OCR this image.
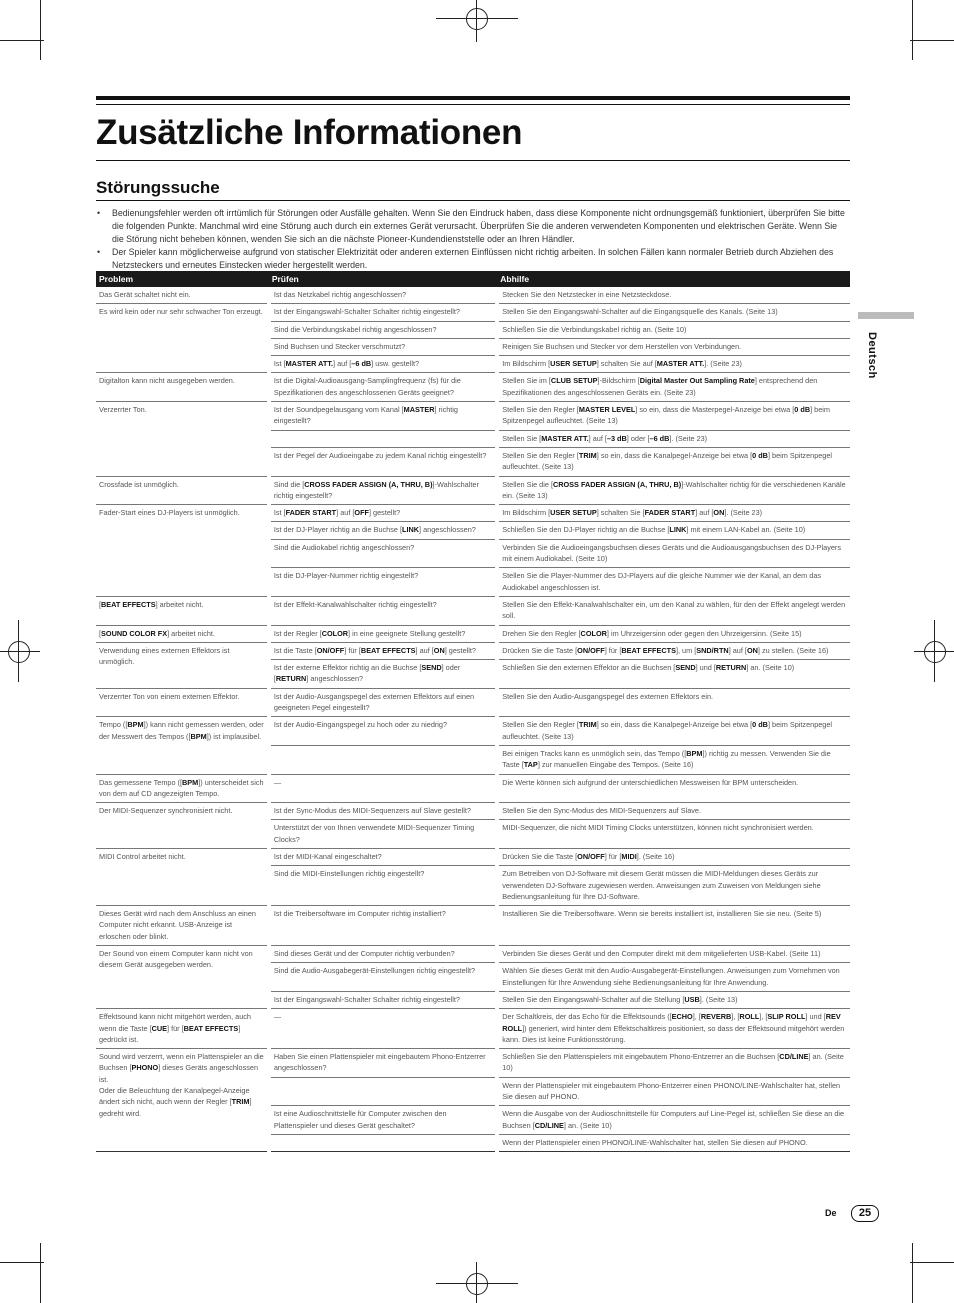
Zusätzliche Informationen
Störungssuche
• Bedienungsfehler werden oft irrtümlich für Störungen oder Ausfälle gehalten. Wenn Sie den Eindruck haben, dass diese Komponente nicht ordnungsgemäß funktioniert, überprüfen Sie bitte die folgenden Punkte. Manchmal wird eine Störung auch durch ein externes Gerät verursacht. Überprüfen Sie die anderen verwendeten Komponenten und elektrischen Geräte. Wenn Sie die Störung nicht beheben können, wenden Sie sich an die nächste Pioneer-Kundendienststelle oder an Ihren Händler.
• Der Spieler kann möglicherweise aufgrund von statischer Elektrizität oder anderen externen Einflüssen nicht richtig arbeiten. In solchen Fällen kann normaler Betrieb durch Abziehen des Netzsteckers und erneutes Einstecken wieder hergestellt werden.
Problem	Prüfen	Abhilfe
Das Gerät schaltet nicht ein.	Ist das Netzkabel richtig angeschlossen?	Stecken Sie den Netzstecker in eine Netzsteckdose.
Es wird kein oder nur sehr schwacher Ton erzeugt.	Ist der Eingangswahl-Schalter Schalter richtig eingestellt?	Stellen Sie den Eingangswahl-Schalter auf die Eingangsquelle des Kanals. (Seite 13)
	Sind die Verbindungskabel richtig angeschlossen?	Schließen Sie die Verbindungskabel richtig an. (Seite 10)
	Sind Buchsen und Stecker verschmutzt?	Reinigen Sie Buchsen und Stecker vor dem Herstellen von Verbindungen.
	Ist [MASTER ATT.] auf [–6 dB] usw. gestellt?	Im Bildschirm [USER SETUP] schalten Sie auf [MASTER ATT.]. (Seite 23)
Digitalton kann nicht ausgegeben werden.	Ist die Digital-Audioausgang-Samplingfrequenz (fs) für die Spezifikationen des angeschlossenen Geräts geeignet?	Stellen Sie im [CLUB SETUP]-Bildschirm [Digital Master Out Sampling Rate] entsprechend den Spezifikationen des angeschlossenen Geräts ein. (Seite 23)
Verzerrter Ton.	Ist der Soundpegelausgang vom Kanal [MASTER] richtig eingestellt?	Stellen Sie den Regler [MASTER LEVEL] so ein, dass die Masterpegel-Anzeige bei etwa [0 dB] beim Spitzenpegel aufleuchtet. (Seite 13)
		Stellen Sie [MASTER ATT.] auf [–3 dB] oder [–6 dB]. (Seite 23)
	Ist der Pegel der Audioeingabe zu jedem Kanal richtig eingestellt?	Stellen Sie den Regler [TRIM] so ein, dass die Kanalpegel-Anzeige bei etwa [0 dB] beim Spitzenpegel aufleuchtet. (Seite 13)
Crossfade ist unmöglich.	Sind die [CROSS FADER ASSIGN (A, THRU, B)]-Wahlschalter richtig eingestellt?	Stellen Sie die [CROSS FADER ASSIGN (A, THRU, B)]-Wahlschalter richtig für die verschiedenen Kanäle ein. (Seite 13)
Fader-Start eines DJ-Players ist unmöglich.	Ist [FADER START] auf [OFF] gestellt?	Im Bildschirm [USER SETUP] schalten Sie [FADER START] auf [ON]. (Seite 23)
	Ist der DJ-Player richtig an die Buchse [LINK] angeschlossen?	Schließen Sie den DJ-Player richtig an die Buchse [LINK] mit einem LAN-Kabel an. (Seite 10)
	Sind die Audiokabel richtig angeschlossen?	Verbinden Sie die Audioeingangsbuchsen dieses Geräts und die Audioausgangsbuchsen des DJ-Players mit einem Audiokabel. (Seite 10)
	Ist die DJ-Player-Nummer richtig eingestellt?	Stellen Sie die Player-Nummer des DJ-Players auf die gleiche Nummer wie der Kanal, an dem das Audiokabel angeschlossen ist.
[BEAT EFFECTS] arbeitet nicht.	Ist der Effekt-Kanalwahlschalter richtig eingestellt?	Stellen Sie den Effekt-Kanalwahlschalter ein, um den Kanal zu wählen, für den der Effekt angelegt werden soll.
[SOUND COLOR FX] arbeitet nicht.	Ist der Regler [COLOR] in eine geeignete Stellung gestellt?	Drehen Sie den Regler [COLOR] im Uhrzeigersinn oder gegen den Uhrzeigersinn. (Seite 15)
Verwendung eines externen Effektors ist unmöglich.	Ist die Taste [ON/OFF] für [BEAT EFFECTS] auf [ON] gestellt?	Drücken Sie die Taste [ON/OFF] für [BEAT EFFECTS], um [SND/RTN] auf [ON] zu stellen. (Seite 16)
	Ist der externe Effektor richtig an die Buchse [SEND] oder [RETURN] angeschlossen?	Schließen Sie den externen Effektor an die Buchsen [SEND] und [RETURN] an. (Seite 10)
Verzerrter Ton von einem externen Effektor.	Ist der Audio-Ausgangspegel des externen Effektors auf einen geeigneten Pegel eingestellt?	Stellen Sie den Audio-Ausgangspegel des externen Effektors ein.
Tempo ([BPM]) kann nicht gemessen werden, oder der Messwert des Tempos ([BPM]) ist implausibel.	Ist der Audio-Eingangspegel zu hoch oder zu niedrig?	Stellen Sie den Regler [TRIM] so ein, dass die Kanalpegel-Anzeige bei etwa [0 dB] beim Spitzenpegel aufleuchtet. (Seite 13)
		Bei einigen Tracks kann es unmöglich sein, das Tempo ([BPM]) richtig zu messen. Verwenden Sie die Taste [TAP] zur manuellen Eingabe des Tempos. (Seite 16)
Das gemessene Tempo ([BPM]) unterscheidet sich von dem auf CD angezeigten Tempo.	—	Die Werte können sich aufgrund der unterschiedlichen Messweisen für BPM unterscheiden.
Der MIDI-Sequenzer synchronisiert nicht.	Ist der Sync-Modus des MIDI-Sequenzers auf Slave gestellt?	Stellen Sie den Sync-Modus des MIDI-Sequenzers auf Slave.
	Unterstützt der von Ihnen verwendete MIDI-Sequenzer Timing Clocks?	MIDI-Sequenzer, die nicht MIDI Timing Clocks unterstützen, können nicht synchronisiert werden.
MIDI Control arbeitet nicht.	Ist der MIDI-Kanal eingeschaltet?	Drücken Sie die Taste [ON/OFF] für [MIDI]. (Seite 16)
	Sind die MIDI-Einstellungen richtig eingestellt?	Zum Betreiben von DJ-Software mit diesem Gerät müssen die MIDI-Meldungen dieses Geräts zur verwendeten DJ-Software zugewiesen werden. Anweisungen zum Zuweisen von Meldungen siehe Bedienungsanleitung für Ihre DJ-Software.
Dieses Gerät wird nach dem Anschluss an einen Computer nicht erkannt. USB-Anzeige ist erloschen oder blinkt.	Ist die Treibersoftware im Computer richtig installiert?	Installieren Sie die Treibersoftware. Wenn sie bereits installiert ist, installieren Sie sie neu. (Seite 5)
Der Sound von einem Computer kann nicht von diesem Gerät ausgegeben werden.	Sind dieses Gerät und der Computer richtig verbunden?	Verbinden Sie dieses Gerät und den Computer direkt mit dem mitgelieferten USB-Kabel. (Seite 11)
	Sind die Audio-Ausgabegerät-Einstellungen richtig eingestellt?	Wählen Sie dieses Gerät mit den Audio-Ausgabegerät-Einstellungen. Anweisungen zum Vornehmen von Einstellungen für Ihre Anwendung siehe Bedienungsanleitung für Ihre Anwendung.
	Ist der Eingangswahl-Schalter Schalter richtig eingestellt?	Stellen Sie den Eingangswahl-Schalter auf die Stellung [USB]. (Seite 13)
Effektsound kann nicht mitgehört werden, auch wenn die Taste [CUE] für [BEAT EFFECTS] gedrückt ist.	—	Der Schaltkreis, der das Echo für die Effektsounds ([ECHO], [REVERB], [ROLL], [SLIP ROLL] und [REV ROLL]) generiert, wird hinter dem Effektschaltkreis positioniert, so dass der Effektsound mitgehört werden kann. Dies ist keine Funktionsstörung.
Sound wird verzerrt, wenn ein Plattenspieler an die Buchsen [PHONO] dieses Geräts angeschlossen ist.
Oder die Beleuchtung der Kanalpegel-Anzeige ändert sich nicht, auch wenn der Regler [TRIM] gedreht wird.	Haben Sie einen Plattenspieler mit eingebautem Phono-Entzerrer angeschlossen?	Schließen Sie den Plattenspielers mit eingebautem Phono-Entzerrer an die Buchsen [CD/LINE] an. (Seite 10)
		Wenn der Plattenspieler mit eingebautem Phono-Entzerrer einen PHONO/LINE-Wahlschalter hat, stellen Sie diesen auf PHONO.
	Ist eine Audioschnittstelle für Computer zwischen den Plattenspieler und dieses Gerät geschaltet?	Wenn die Ausgabe von der Audioschnittstelle für Computers auf Line-Pegel ist, schließen Sie diese an die Buchsen [CD/LINE] an. (Seite 10)
		Wenn der Plattenspieler einen PHONO/LINE-Wahlschalter hat, stellen Sie diesen auf PHONO.
Deutsch
De	25
